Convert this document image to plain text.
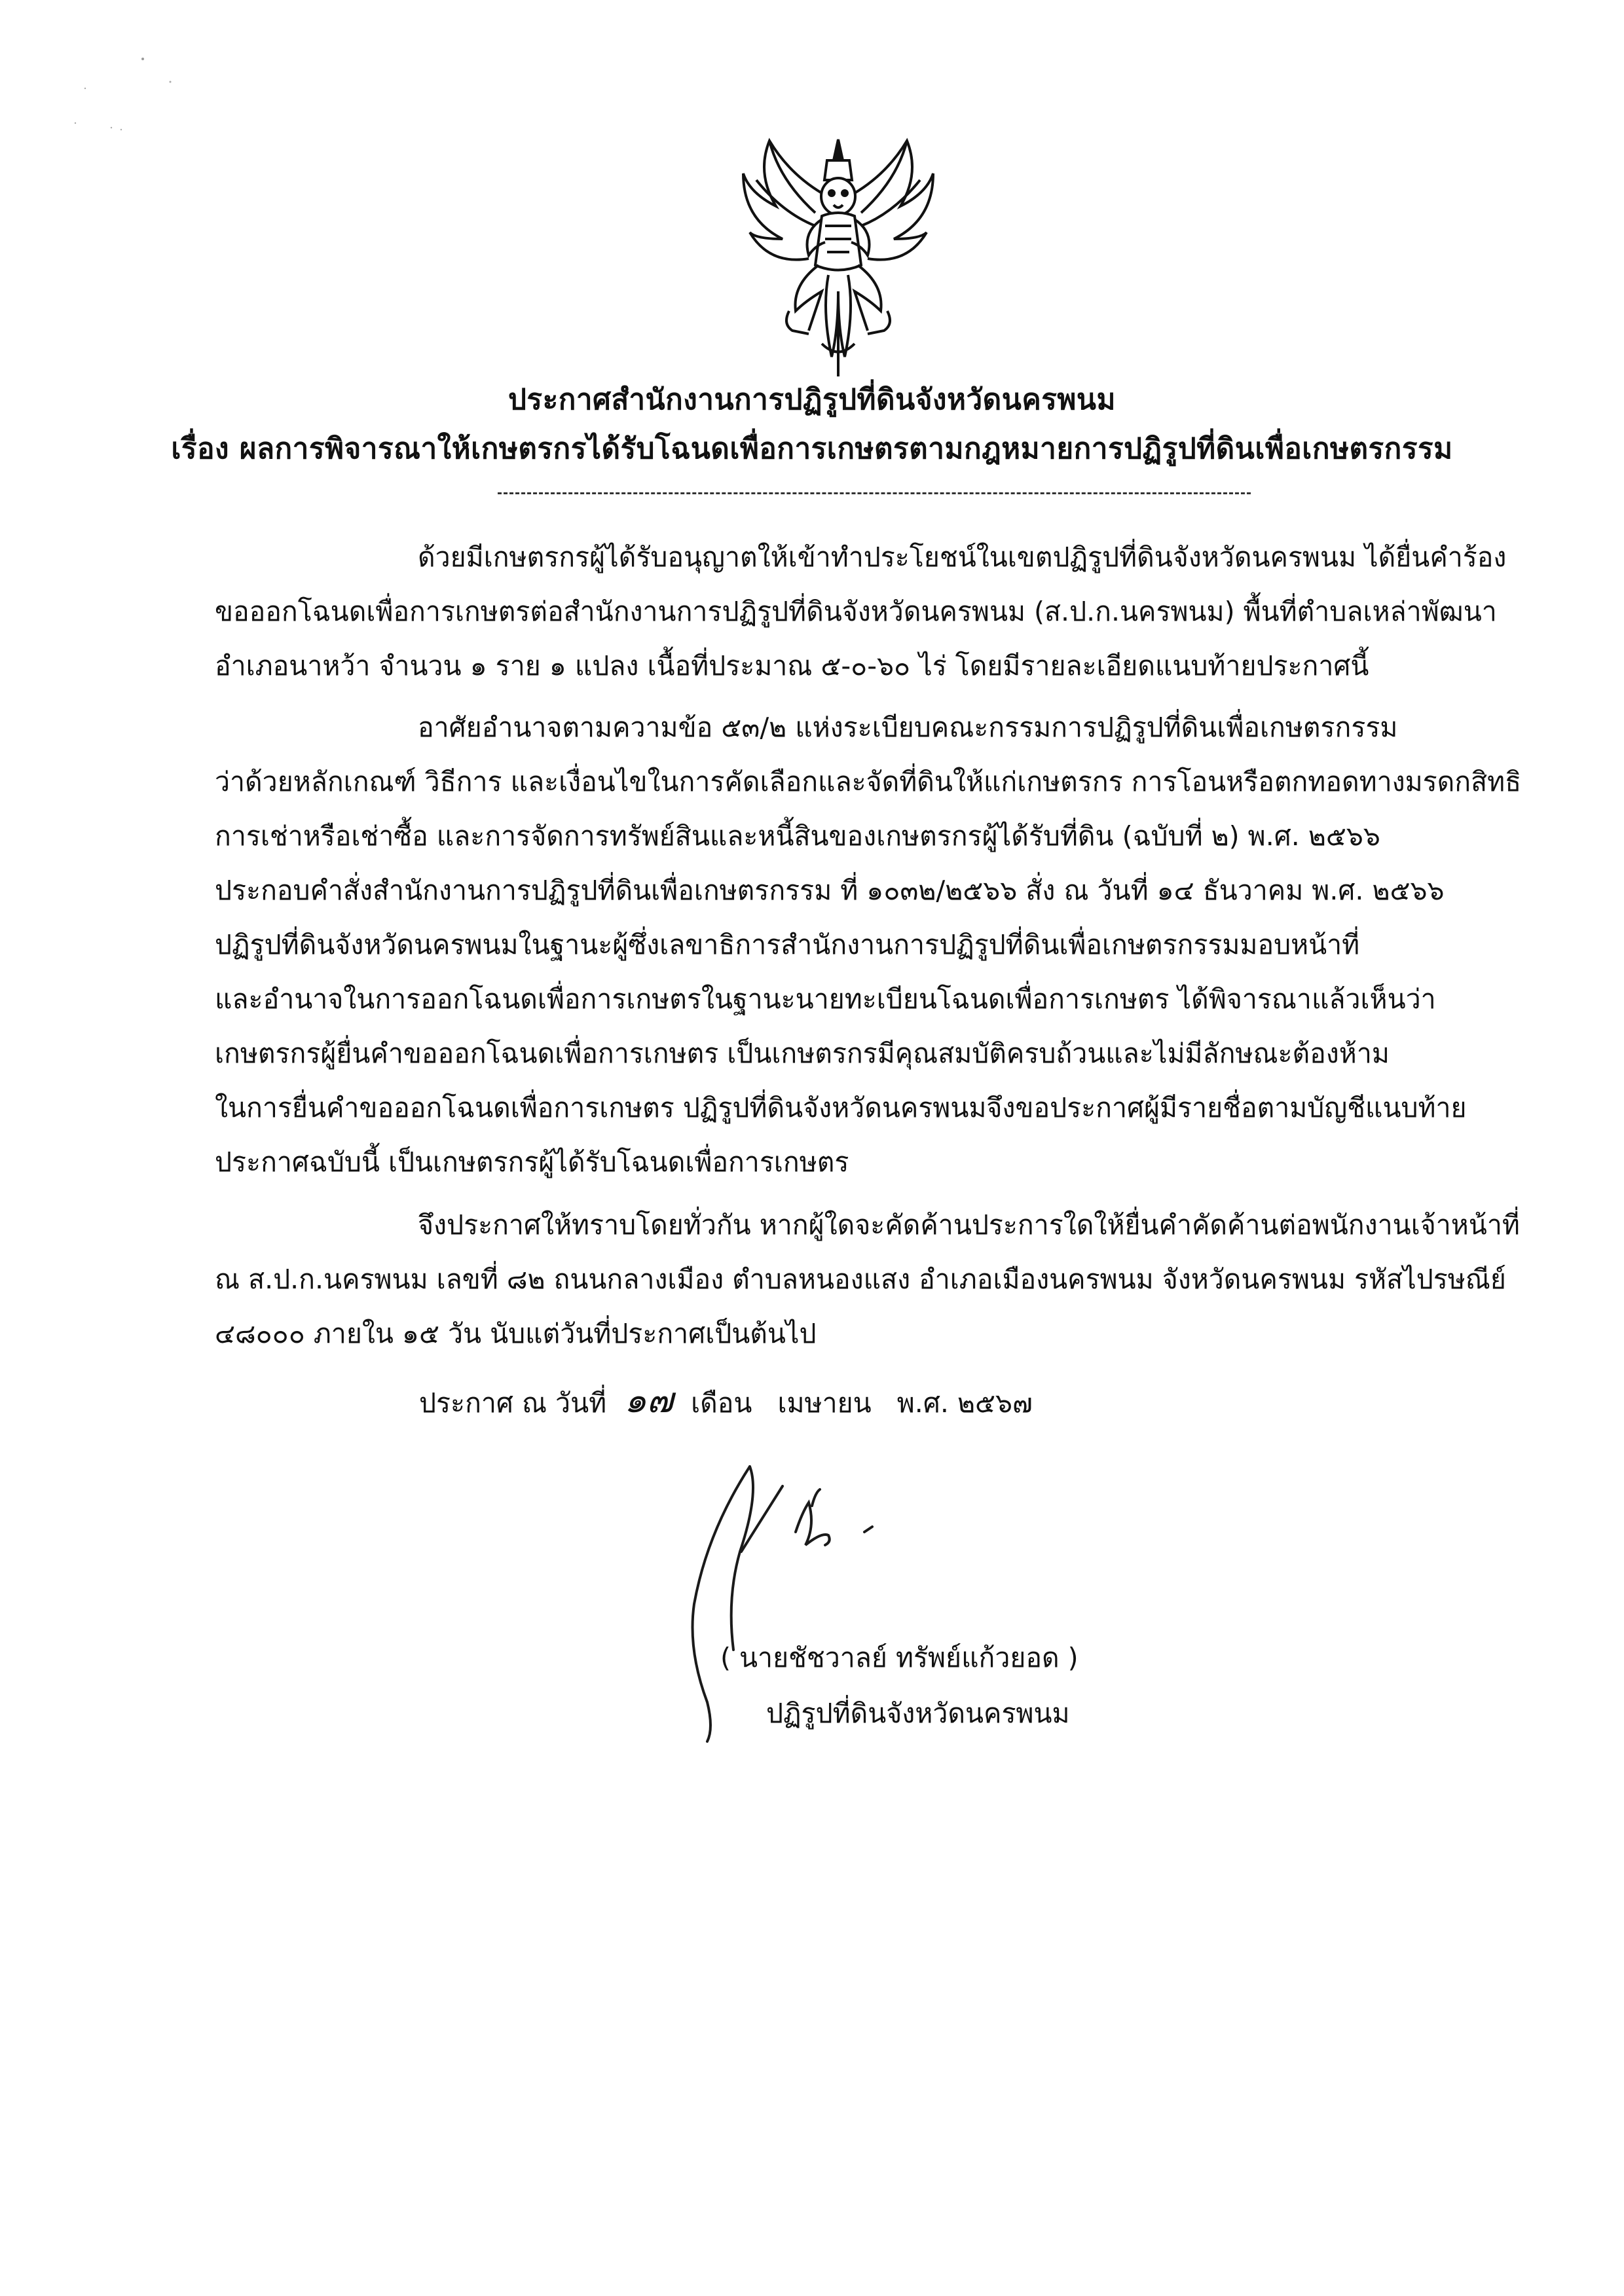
ประกาศสำนักงานการปฏิรูปที่ดินจังหวัดนครพนม
เรื่อง ผลการพิจารณาให้เกษตรกรได้รับโฉนดเพื่อการเกษตรตามกฎหมายการปฏิรูปที่ดินเพื่อเกษตรกรรม
ด้วยมีเกษตรกรผู้ได้รับอนุญาตให้เข้าทำประโยชน์ในเขตปฏิรูปที่ดินจังหวัดนครพนม ได้ยื่นคำร้อง
ขอออกโฉนดเพื่อการเกษตรต่อสำนักงานการปฏิรูปที่ดินจังหวัดนครพนม (ส.ป.ก.นครพนม) พื้นที่ตำบลเหล่าพัฒนา
อำเภอนาหว้า จำนวน ๑ ราย ๑ แปลง เนื้อที่ประมาณ ๕-๐-๖๐ ไร่ โดยมีรายละเอียดแนบท้ายประกาศนี้
อาศัยอำนาจตามความข้อ ๕๓/๒ แห่งระเบียบคณะกรรมการปฏิรูปที่ดินเพื่อเกษตรกรรม
ว่าด้วยหลักเกณฑ์ วิธีการ และเงื่อนไขในการคัดเลือกและจัดที่ดินให้แก่เกษตรกร การโอนหรือตกทอดทางมรดกสิทธิ
การเช่าหรือเช่าซื้อ และการจัดการทรัพย์สินและหนี้สินของเกษตรกรผู้ได้รับที่ดิน (ฉบับที่ ๒) พ.ศ. ๒๕๖๖
ประกอบคำสั่งสำนักงานการปฏิรูปที่ดินเพื่อเกษตรกรรม ที่ ๑๐๓๒/๒๕๖๖ สั่ง ณ วันที่ ๑๔ ธันวาคม พ.ศ. ๒๕๖๖
ปฏิรูปที่ดินจังหวัดนครพนมในฐานะผู้ซึ่งเลขาธิการสำนักงานการปฏิรูปที่ดินเพื่อเกษตรกรรมมอบหน้าที่
และอำนาจในการออกโฉนดเพื่อการเกษตรในฐานะนายทะเบียนโฉนดเพื่อการเกษตร ได้พิจารณาแล้วเห็นว่า
เกษตรกรผู้ยื่นคำขอออกโฉนดเพื่อการเกษตร เป็นเกษตรกรมีคุณสมบัติครบถ้วนและไม่มีลักษณะต้องห้าม
ในการยื่นคำขอออกโฉนดเพื่อการเกษตร ปฏิรูปที่ดินจังหวัดนครพนมจึงขอประกาศผู้มีรายชื่อตามบัญชีแนบท้าย
ประกาศฉบับนี้ เป็นเกษตรกรผู้ได้รับโฉนดเพื่อการเกษตร
จึงประกาศให้ทราบโดยทั่วกัน หากผู้ใดจะคัดค้านประการใดให้ยื่นคำคัดค้านต่อพนักงานเจ้าหน้าที่
ณ ส.ป.ก.นครพนม เลขที่ ๘๒ ถนนกลางเมือง ตำบลหนองแสง อำเภอเมืองนครพนม จังหวัดนครพนม รหัสไปรษณีย์
๔๘๐๐๐ ภายใน ๑๕ วัน นับแต่วันที่ประกาศเป็นต้นไป
ประกาศ ณ วันที่ ๑๗ เดือน เมษายน พ.ศ. ๒๕๖๗
( นายชัชวาลย์ ทรัพย์แก้วยอด )
ปฏิรูปที่ดินจังหวัดนครพนม
